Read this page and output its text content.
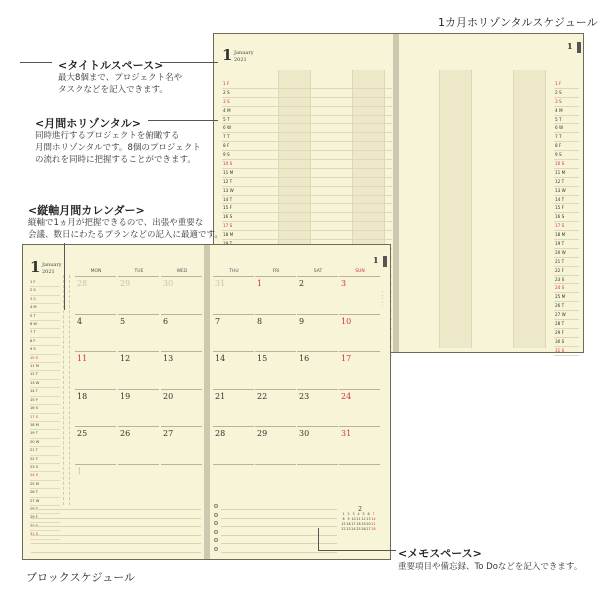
1カ月ホリゾンタルスケジュール
1 January
2021
1 F
2 S
3 S
4 M
5 T
6 W
7 T
8 F
9 S
10 S
11 M
12 T
13 W
14 T
15 F
16 S
17 S
18 M
1
1 F
2 S
3 S
4 M
5 T
6 W
7 T
8 F
9 S
10 S
11 M
12 T
13 W
14 T
15 F
16 S
17 S
18 M
19 T
20 W
21 T
22 F
23 S
24 S
25 M
26 T
27 W
28 T
29 F
30 S
31 S
1 January
2021
1 F
2 S
3 S
4 M
5 T
6 W
7 T
8 F
9 S
10 S
11 M
12 T
13 W
14 T
15 F
16 S
17 S
18 M
19 T
20 W
21 T
22 F
23 S
24 S
25 M
26 T
27 W
28 T
29 F
30 S
31 S
1
MON	TUE	WED	THU	FRI	SAT	SUN
28	29	30	31	1	2	3
4	5	6	7	8	9	10
11	12	13	14	15	16	17
18	19	20	21	22	23	24
25	26	27	28	29	30	31
1
・・・・・
2
1 2 3 4 5 6 7
8 9 10 11 12 13 14
15 16 17 18 19 20 21
22 23 24 25 26 27 28
<タイトルスペース>
最大8個まで、プロジェクト名や
タスクなどを記入できます。
<月間ホリゾンタル>
同時進行するプロジェクトを俯瞰する
月間ホリゾンタルです。8個のプロジェクト
の流れを同時に把握することができます。
<縦軸月間カレンダー>
縦軸で1ヵ月が把握できるので、出張や重要な
会議、数日にわたるプランなどの記入に最適です。
<メモスペース>
重要項目や備忘録、To Doなどを記入できます。
ブロックスケジュール
